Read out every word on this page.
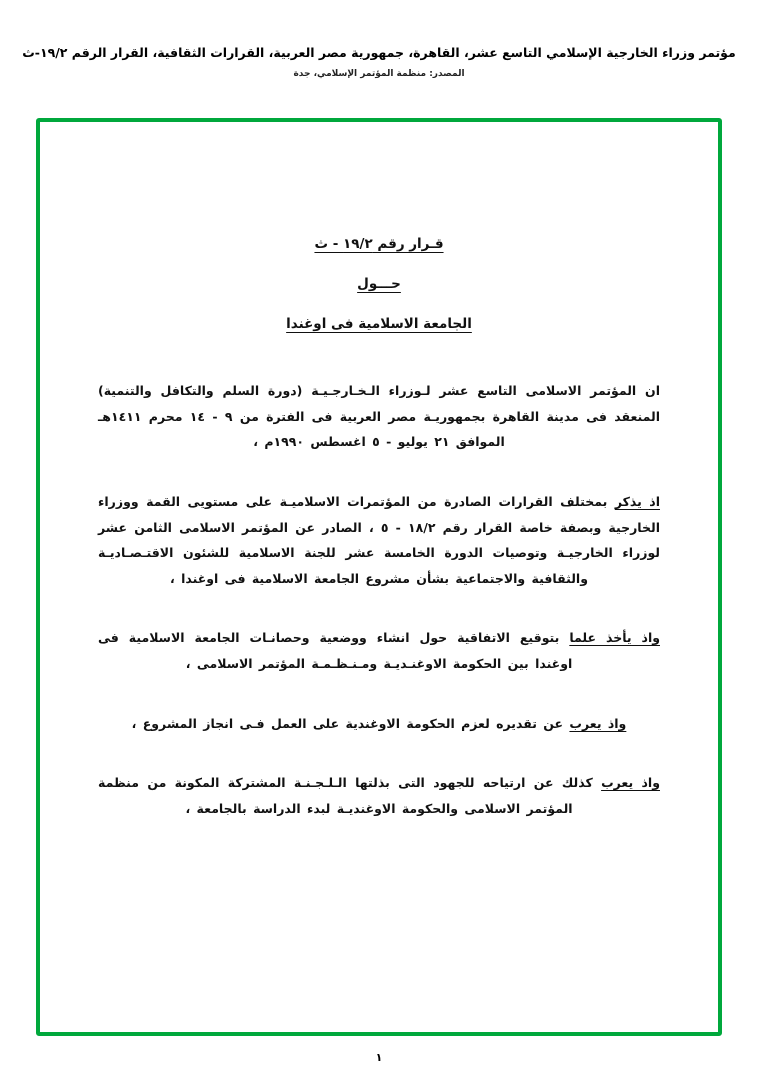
مؤتمر وزراء الخارجية الإسلامي التاسع عشر، القاهرة، جمهورية مصر العربية، القرارات الثقافية، القرار الرقم ١٩/٢-ث
المصدر: منظمة المؤتمر الإسلامي، جدة
قـرار رقم ١٩/٢ - ث
حـــول
الجامعة الاسلامية فى اوغندا

ان المؤتمر الاسلامى التاسع عشر لـوزراء الـخـارجـيـة (دورة السلم والتكافل والتنمية) المنعقد فى مدينة القاهرة بجمهوريـة مصر العربية فى الفترة من ٩ - ١٤ محرم ١٤١١هـ الموافق ٢١ يوليو - ٥ اغسطس ١٩٩٠م ،

اذ يذكر بمختلف القرارات الصادرة من المؤتمرات الاسلاميـة على مستويى القمة ووزراء الخارجية وبصفة خاصة القرار رقم ١٨/٢ - ٥ ، الصادر عن المؤتمر الاسلامى الثامن عشر لوزراء الخارجيـة وتوصيات الدورة الخامسة عشر للجنة الاسلامية للشئون الاقتـصـاديـة والثقافية والاجتماعية بشأن مشروع الجامعة الاسلامية فى اوغندا ،

واذ يأخذ علما بتوقيع الاتفاقية حول انشاء ووضعية وحصانـات الجامعة الاسلامية فى اوغندا بين الحكومة الاوغنـديـة ومـنـظـمـة المؤتمر الاسلامى ،

واذ يعرب عن تقديره لعزم الحكومة الاوغندية على العمل فـى انجاز المشروع ،

واذ يعرب كذلك عن ارتياحه للجهود التى بذلتها الـلـجـنـة المشتركة المكونة من منظمة المؤتمر الاسلامى والحكومة الاوغنديـة لبدء الدراسة بالجامعة ،

١
